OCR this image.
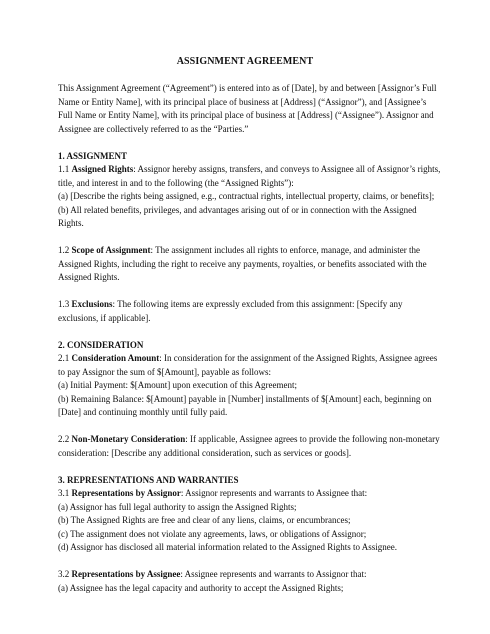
ASSIGNMENT AGREEMENT

This Assignment Agreement (“Agreement”) is entered into as of [Date], by and between [Assignor’s Full Name or Entity Name], with its principal place of business at [Address] (“Assignor”), and [Assignee’s Full Name or Entity Name], with its principal place of business at [Address] (“Assignee”). Assignor and Assignee are collectively referred to as the “Parties.”

1. ASSIGNMENT

1.1 Assigned Rights: Assignor hereby assigns, transfers, and conveys to Assignee all of Assignor’s rights, title, and interest in and to the following (the “Assigned Rights”):

(a) [Describe the rights being assigned, e.g., contractual rights, intellectual property, claims, or benefits];

(b) All related benefits, privileges, and advantages arising out of or in connection with the Assigned Rights.

1.2 Scope of Assignment: The assignment includes all rights to enforce, manage, and administer the Assigned Rights, including the right to receive any payments, royalties, or benefits associated with the Assigned Rights.

1.3 Exclusions: The following items are expressly excluded from this assignment: [Specify any exclusions, if applicable].

2. CONSIDERATION

2.1 Consideration Amount: In consideration for the assignment of the Assigned Rights, Assignee agrees to pay Assignor the sum of $[Amount], payable as follows:

(a) Initial Payment: $[Amount] upon execution of this Agreement;

(b) Remaining Balance: $[Amount] payable in [Number] installments of $[Amount] each, beginning on [Date] and continuing monthly until fully paid.

2.2 Non-Monetary Consideration: If applicable, Assignee agrees to provide the following non-monetary consideration: [Describe any additional consideration, such as services or goods].

3. REPRESENTATIONS AND WARRANTIES

3.1 Representations by Assignor: Assignor represents and warrants to Assignee that:

(a) Assignor has full legal authority to assign the Assigned Rights;

(b) The Assigned Rights are free and clear of any liens, claims, or encumbrances;

(c) The assignment does not violate any agreements, laws, or obligations of Assignor;

(d) Assignor has disclosed all material information related to the Assigned Rights to Assignee.

3.2 Representations by Assignee: Assignee represents and warrants to Assignor that:

(a) Assignee has the legal capacity and authority to accept the Assigned Rights;
